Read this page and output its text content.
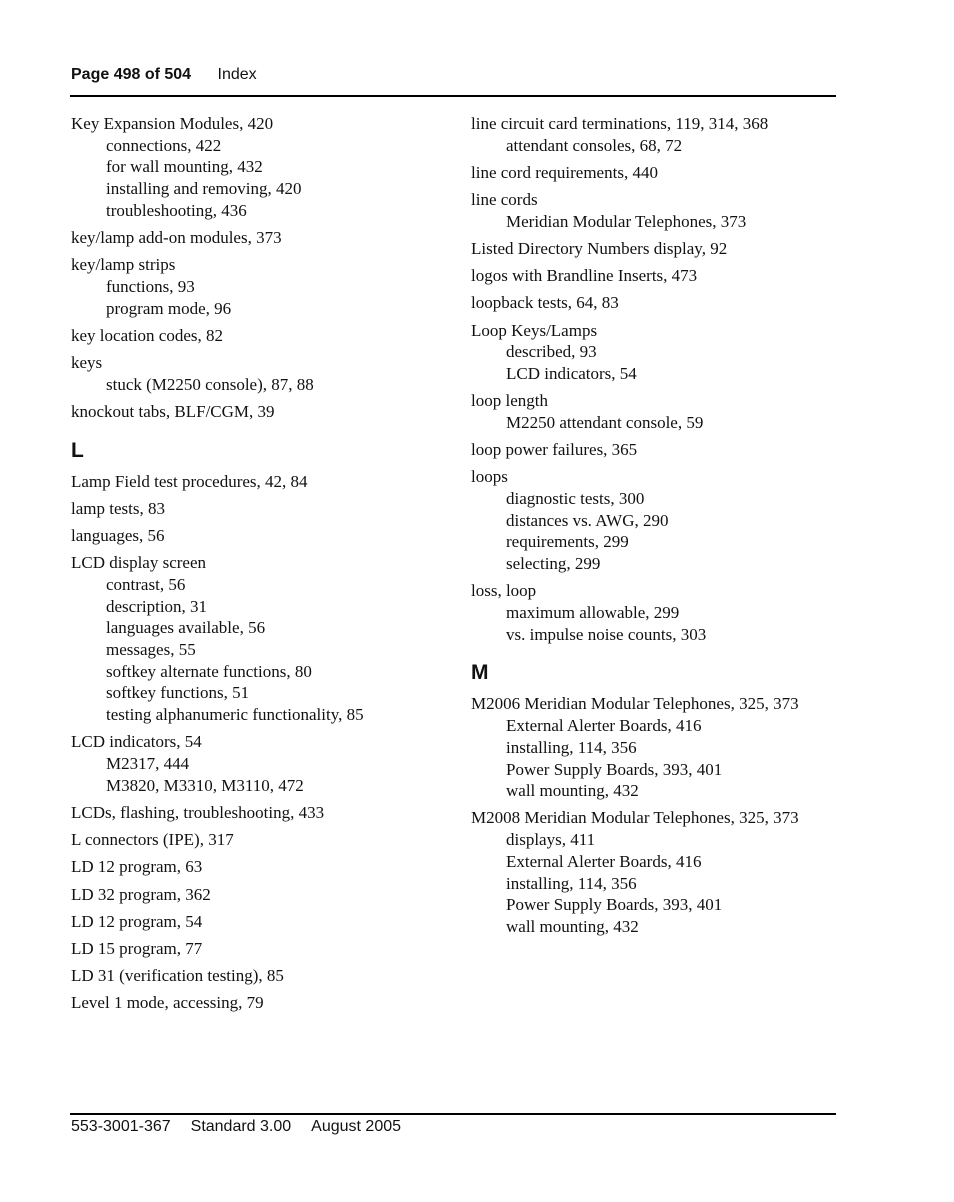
Page 498 of 504 Index
Key Expansion Modules, 420
connections, 422
for wall mounting, 432
installing and removing, 420
troubleshooting, 436
key/lamp add-on modules, 373
key/lamp strips
functions, 93
program mode, 96
key location codes, 82
keys
stuck (M2250 console), 87, 88
knockout tabs, BLF/CGM, 39
L
Lamp Field test procedures, 42, 84
lamp tests, 83
languages, 56
LCD display screen
contrast, 56
description, 31
languages available, 56
messages, 55
softkey alternate functions, 80
softkey functions, 51
testing alphanumeric functionality, 85
LCD indicators, 54
M2317, 444
M3820, M3310, M3110, 472
LCDs, flashing, troubleshooting, 433
L connectors (IPE), 317
LD 12 program, 63
LD 32 program, 362
LD 12 program, 54
LD 15 program, 77
LD 31 (verification testing), 85
Level 1 mode, accessing, 79
line circuit card terminations, 119, 314, 368
attendant consoles, 68, 72
line cord requirements, 440
line cords
Meridian Modular Telephones, 373
Listed Directory Numbers display, 92
logos with Brandline Inserts, 473
loopback tests, 64, 83
Loop Keys/Lamps
described, 93
LCD indicators, 54
loop length
M2250 attendant console, 59
loop power failures, 365
loops
diagnostic tests, 300
distances vs. AWG, 290
requirements, 299
selecting, 299
loss, loop
maximum allowable, 299
vs. impulse noise counts, 303
M
M2006 Meridian Modular Telephones, 325, 373
External Alerter Boards, 416
installing, 114, 356
Power Supply Boards, 393, 401
wall mounting, 432
M2008 Meridian Modular Telephones, 325, 373
displays, 411
External Alerter Boards, 416
installing, 114, 356
Power Supply Boards, 393, 401
wall mounting, 432
553-3001-367 Standard 3.00 August 2005
